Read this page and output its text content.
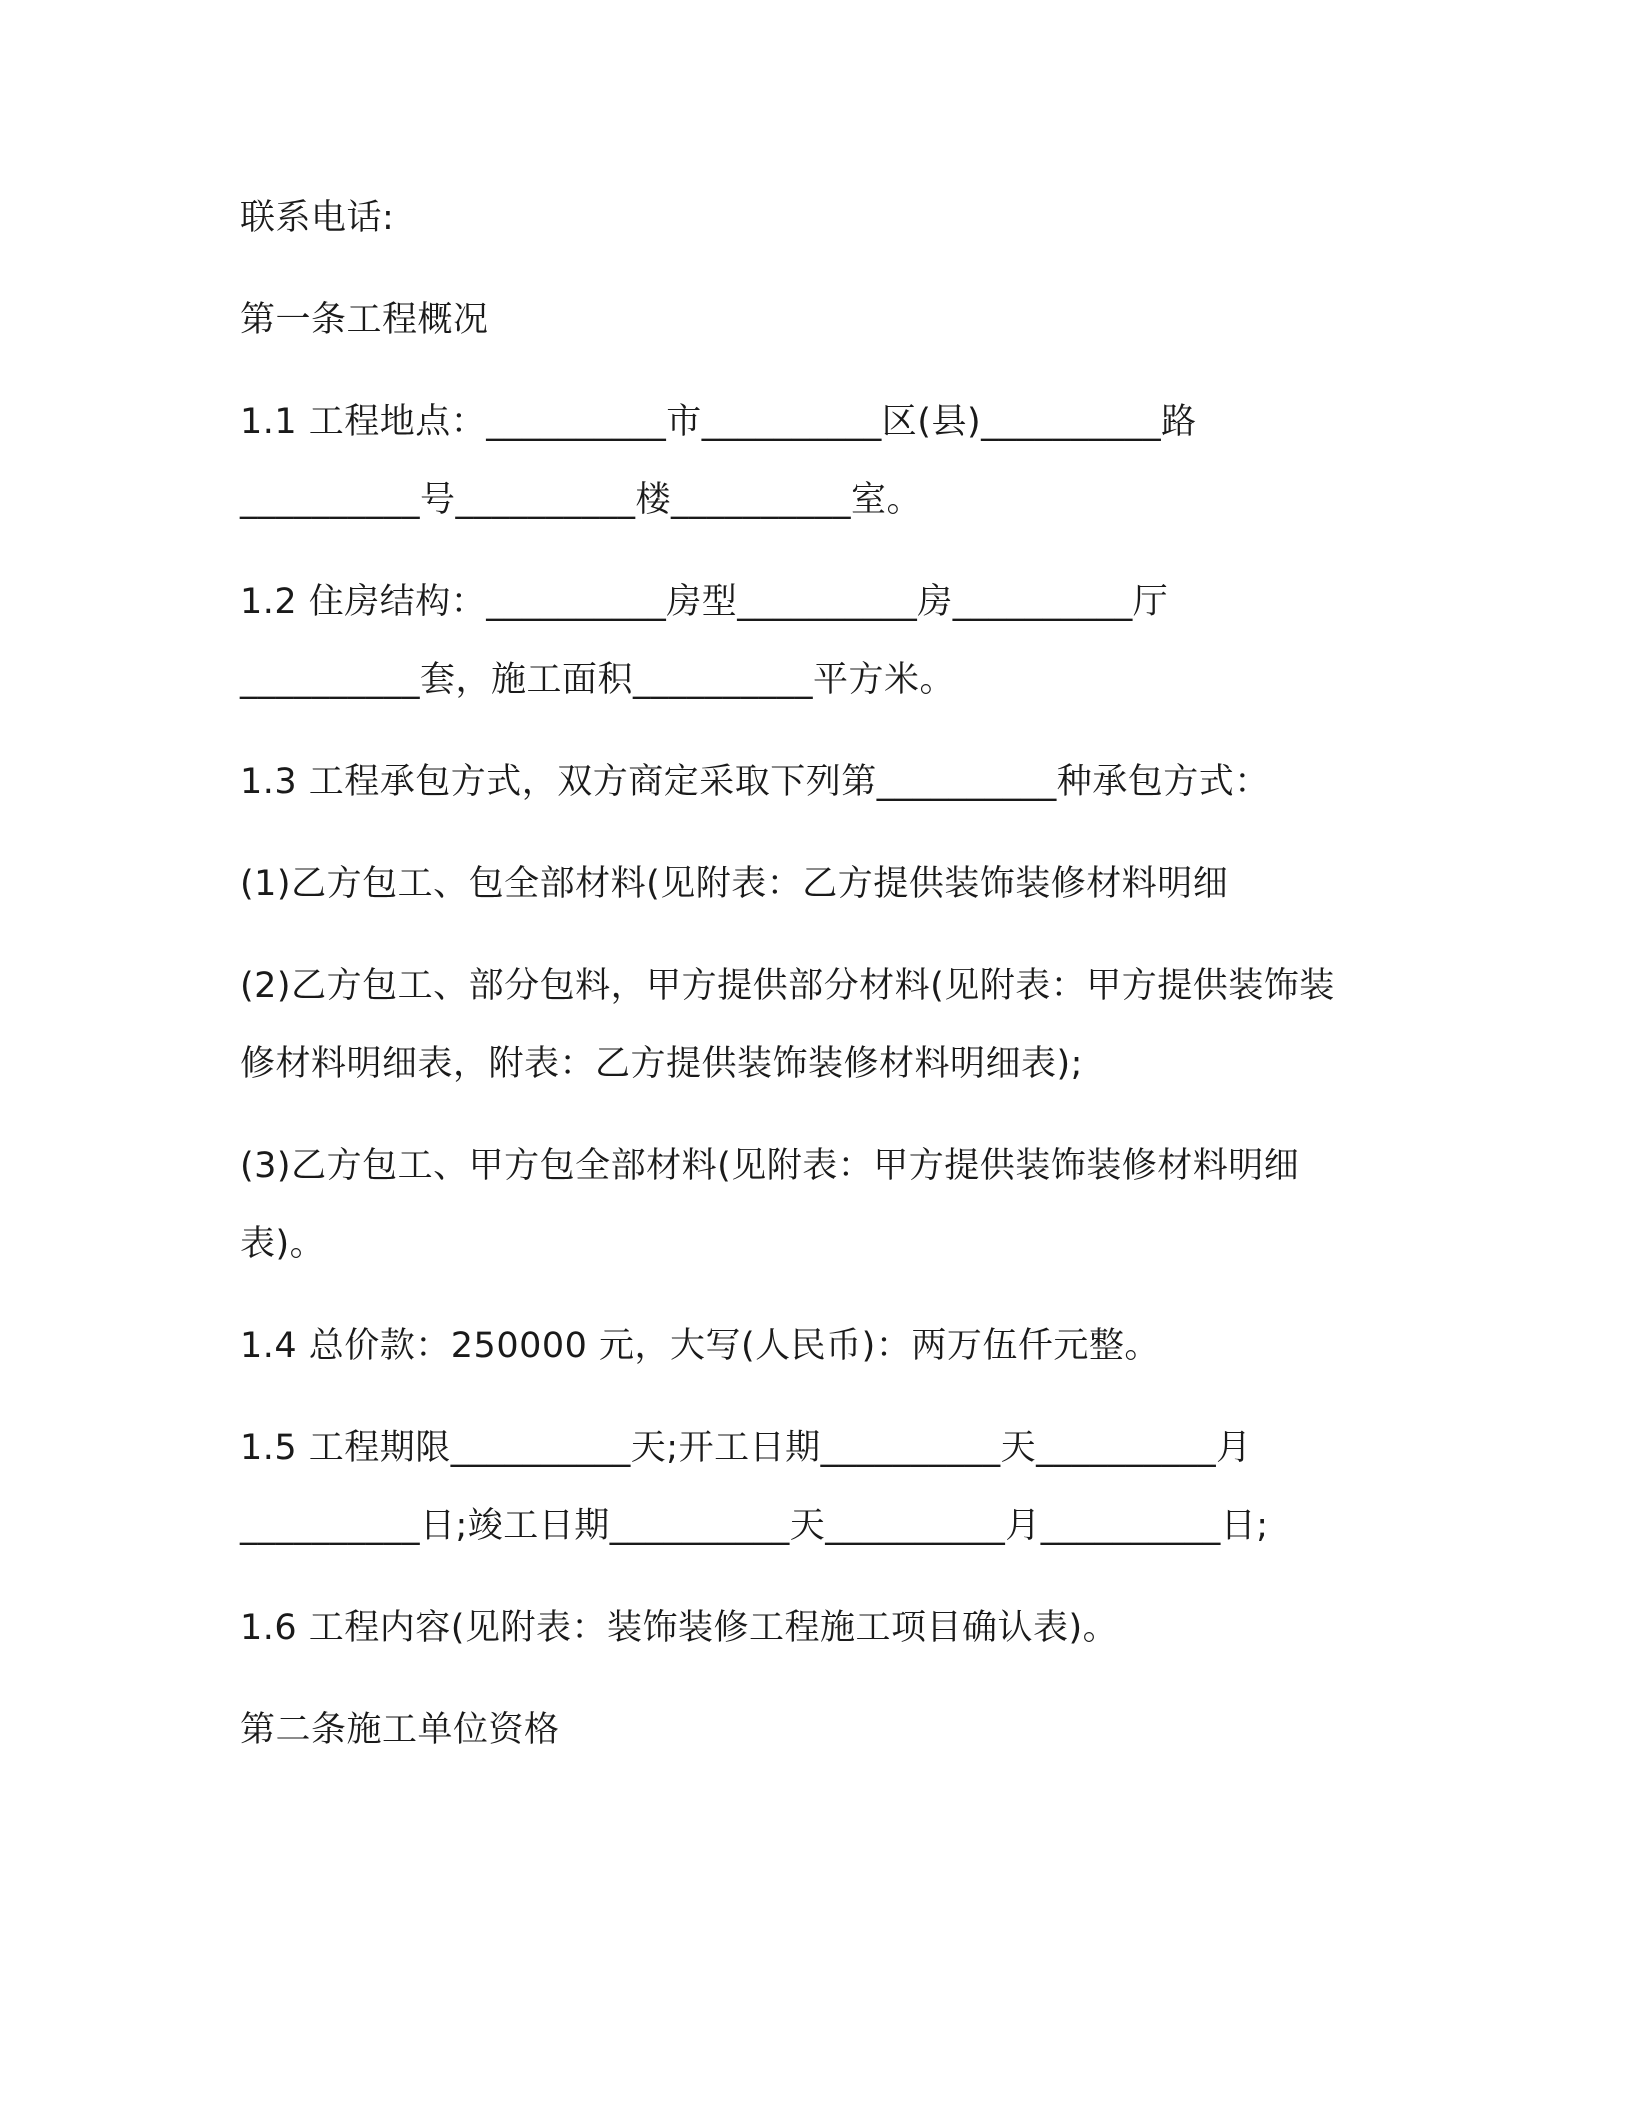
联系电话:
第一条工程概况
1.1 工程地点：__________市__________区(县)__________路
__________号__________楼__________室。
1.2 住房结构：__________房型__________房__________厅
__________套，施工面积__________平方米。
1.3 工程承包方式，双方商定采取下列第__________种承包方式：
(1)乙方包工、包全部材料(见附表：乙方提供装饰装修材料明细
(2)乙方包工、部分包料，甲方提供部分材料(见附表：甲方提供装饰装
修材料明细表，附表：乙方提供装饰装修材料明细表);
(3)乙方包工、甲方包全部材料(见附表：甲方提供装饰装修材料明细
表)。
1.4 总价款：250000 元，大写(人民币)：两万伍仟元整。
1.5 工程期限__________天;开工日期__________天__________月
__________日;竣工日期__________天__________月__________日;
1.6 工程内容(见附表：装饰装修工程施工项目确认表)。
第二条施工单位资格
